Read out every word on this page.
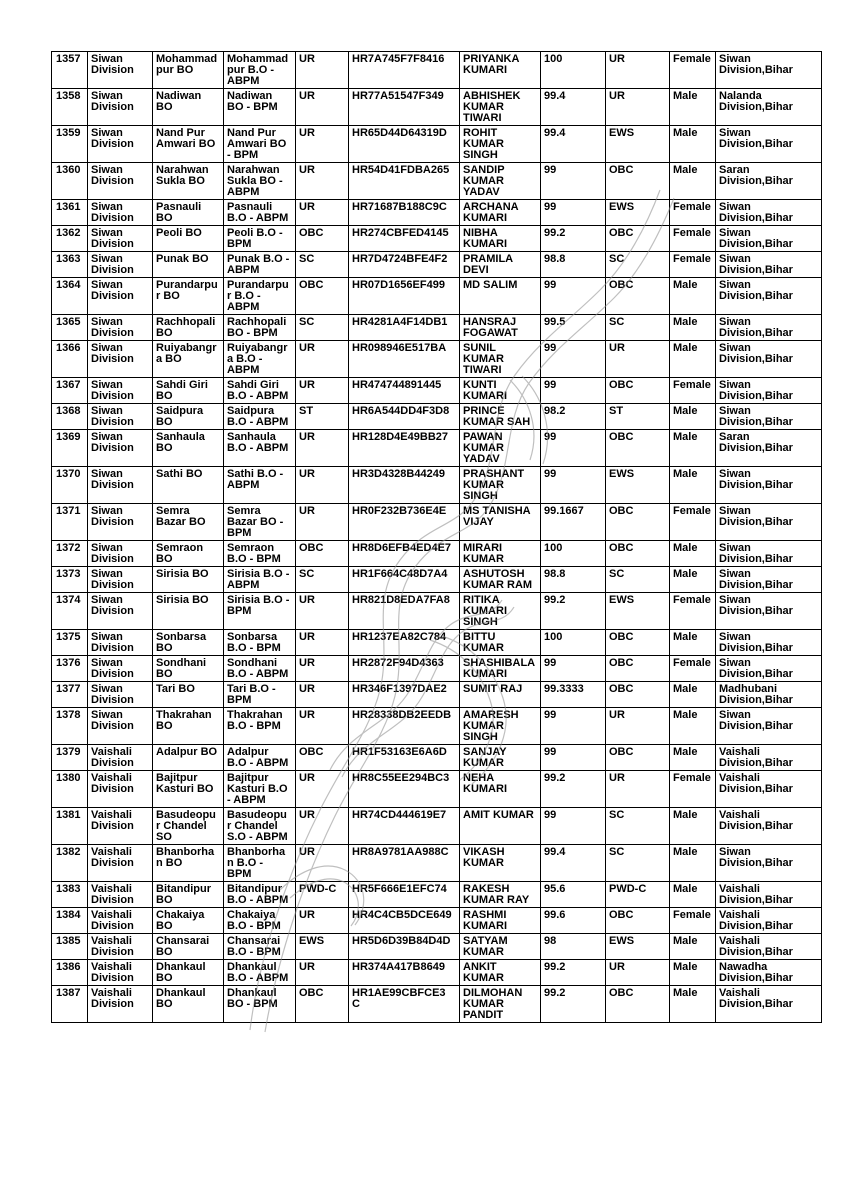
1357	Siwan
Division	Mohammad
pur BO	Mohammad
pur B.O -
ABPM	UR	HR7A745F7F8416	PRIYANKA
KUMARI	100	UR	Female	Siwan
Division,Bihar
1358	Siwan
Division	Nadiwan
BO	Nadiwan
BO - BPM	UR	HR77A51547F349	ABHISHEK
KUMAR
TIWARI	99.4	UR	Male	Nalanda
Division,Bihar
1359	Siwan
Division	Nand Pur
Amwari BO	Nand Pur
Amwari BO
- BPM	UR	HR65D44D64319D	ROHIT
KUMAR
SINGH	99.4	EWS	Male	Siwan
Division,Bihar
1360	Siwan
Division	Narahwan
Sukla BO	Narahwan
Sukla BO -
ABPM	UR	HR54D41FDBA265	SANDIP
KUMAR
YADAV	99	OBC	Male	Saran
Division,Bihar
1361	Siwan
Division	Pasnauli
BO	Pasnauli
B.O - ABPM	UR	HR71687B188C9C	ARCHANA
KUMARI	99	EWS	Female	Siwan
Division,Bihar
1362	Siwan
Division	Peoli BO	Peoli B.O -
BPM	OBC	HR274CBFED4145	NIBHA
KUMARI	99.2	OBC	Female	Siwan
Division,Bihar
1363	Siwan
Division	Punak BO	Punak B.O -
ABPM	SC	HR7D4724BFE4F2	PRAMILA
DEVI	98.8	SC	Female	Siwan
Division,Bihar
1364	Siwan
Division	Purandarpu
r BO	Purandarpu
r B.O -
ABPM	OBC	HR07D1656EF499	MD SALIM	99	OBC	Male	Siwan
Division,Bihar
1365	Siwan
Division	Rachhopali
BO	Rachhopali
BO - BPM	SC	HR4281A4F14DB1	HANSRAJ
FOGAWAT	99.5	SC	Male	Siwan
Division,Bihar
1366	Siwan
Division	Ruiyabangr
a BO	Ruiyabangr
a B.O -
ABPM	UR	HR098946E517BA	SUNIL
KUMAR
TIWARI	99	UR	Male	Siwan
Division,Bihar
1367	Siwan
Division	Sahdi Giri
BO	Sahdi Giri
B.O - ABPM	UR	HR474744891445	KUNTI
KUMARI	99	OBC	Female	Siwan
Division,Bihar
1368	Siwan
Division	Saidpura
BO	Saidpura
B.O - ABPM	ST	HR6A544DD4F3D8	PRINCE
KUMAR SAH	98.2	ST	Male	Siwan
Division,Bihar
1369	Siwan
Division	Sanhaula
BO	Sanhaula
B.O - ABPM	UR	HR128D4E49BB27	PAWAN
KUMAR
YADAV	99	OBC	Male	Saran
Division,Bihar
1370	Siwan
Division	Sathi BO	Sathi B.O -
ABPM	UR	HR3D4328B44249	PRASHANT
KUMAR
SINGH	99	EWS	Male	Siwan
Division,Bihar
1371	Siwan
Division	Semra
Bazar BO	Semra
Bazar BO -
BPM	UR	HR0F232B736E4E	MS TANISHA
VIJAY	99.1667	OBC	Female	Siwan
Division,Bihar
1372	Siwan
Division	Semraon
BO	Semraon
B.O - BPM	OBC	HR8D6EFB4ED4E7	MIRARI
KUMAR	100	OBC	Male	Siwan
Division,Bihar
1373	Siwan
Division	Sirisia BO	Sirisia B.O -
ABPM	SC	HR1F664C48D7A4	ASHUTOSH
KUMAR RAM	98.8	SC	Male	Siwan
Division,Bihar
1374	Siwan
Division	Sirisia BO	Sirisia B.O -
BPM	UR	HR821D8EDA7FA8	RITIKA
KUMARI
SINGH	99.2	EWS	Female	Siwan
Division,Bihar
1375	Siwan
Division	Sonbarsa
BO	Sonbarsa
B.O - BPM	UR	HR1237EA82C784	BITTU
KUMAR	100	OBC	Male	Siwan
Division,Bihar
1376	Siwan
Division	Sondhani
BO	Sondhani
B.O - ABPM	UR	HR2872F94D4363	SHASHIBALA
KUMARI	99	OBC	Female	Siwan
Division,Bihar
1377	Siwan
Division	Tari BO	Tari B.O -
BPM	UR	HR346F1397DAE2	SUMIT RAJ	99.3333	OBC	Male	Madhubani
Division,Bihar
1378	Siwan
Division	Thakrahan
BO	Thakrahan
B.O - BPM	UR	HR28338DB2EEDB	AMARESH
KUMAR
SINGH	99	UR	Male	Siwan
Division,Bihar
1379	Vaishali
Division	Adalpur BO	Adalpur
B.O - ABPM	OBC	HR1F53163E6A6D	SANJAY
KUMAR	99	OBC	Male	Vaishali
Division,Bihar
1380	Vaishali
Division	Bajitpur
Kasturi BO	Bajitpur
Kasturi B.O
- ABPM	UR	HR8C55EE294BC3	NEHA
KUMARI	99.2	UR	Female	Vaishali
Division,Bihar
1381	Vaishali
Division	Basudeopu
r Chandel
SO	Basudeopu
r Chandel
S.O - ABPM	UR	HR74CD444619E7	AMIT KUMAR	99	SC	Male	Vaishali
Division,Bihar
1382	Vaishali
Division	Bhanborha
n BO	Bhanborha
n B.O -
BPM	UR	HR8A9781AA988C	VIKASH
KUMAR	99.4	SC	Male	Siwan
Division,Bihar
1383	Vaishali
Division	Bitandipur
BO	Bitandipur
B.O - ABPM	PWD-C	HR5F666E1EFC74	RAKESH
KUMAR RAY	95.6	PWD-C	Male	Vaishali
Division,Bihar
1384	Vaishali
Division	Chakaiya
BO	Chakaiya
B.O - BPM	UR	HR4C4CB5DCE649	RASHMI
KUMARI	99.6	OBC	Female	Vaishali
Division,Bihar
1385	Vaishali
Division	Chansarai
BO	Chansarai
B.O - BPM	EWS	HR5D6D39B84D4D	SATYAM
KUMAR	98	EWS	Male	Vaishali
Division,Bihar
1386	Vaishali
Division	Dhankaul
BO	Dhankaul
B.O - ABPM	UR	HR374A417B8649	ANKIT
KUMAR	99.2	UR	Male	Nawadha
Division,Bihar
1387	Vaishali
Division	Dhankaul
BO	Dhankaul
BO - BPM	OBC	HR1AE99CBFCE3
C	DILMOHAN
KUMAR
PANDIT	99.2	OBC	Male	Vaishali
Division,Bihar
